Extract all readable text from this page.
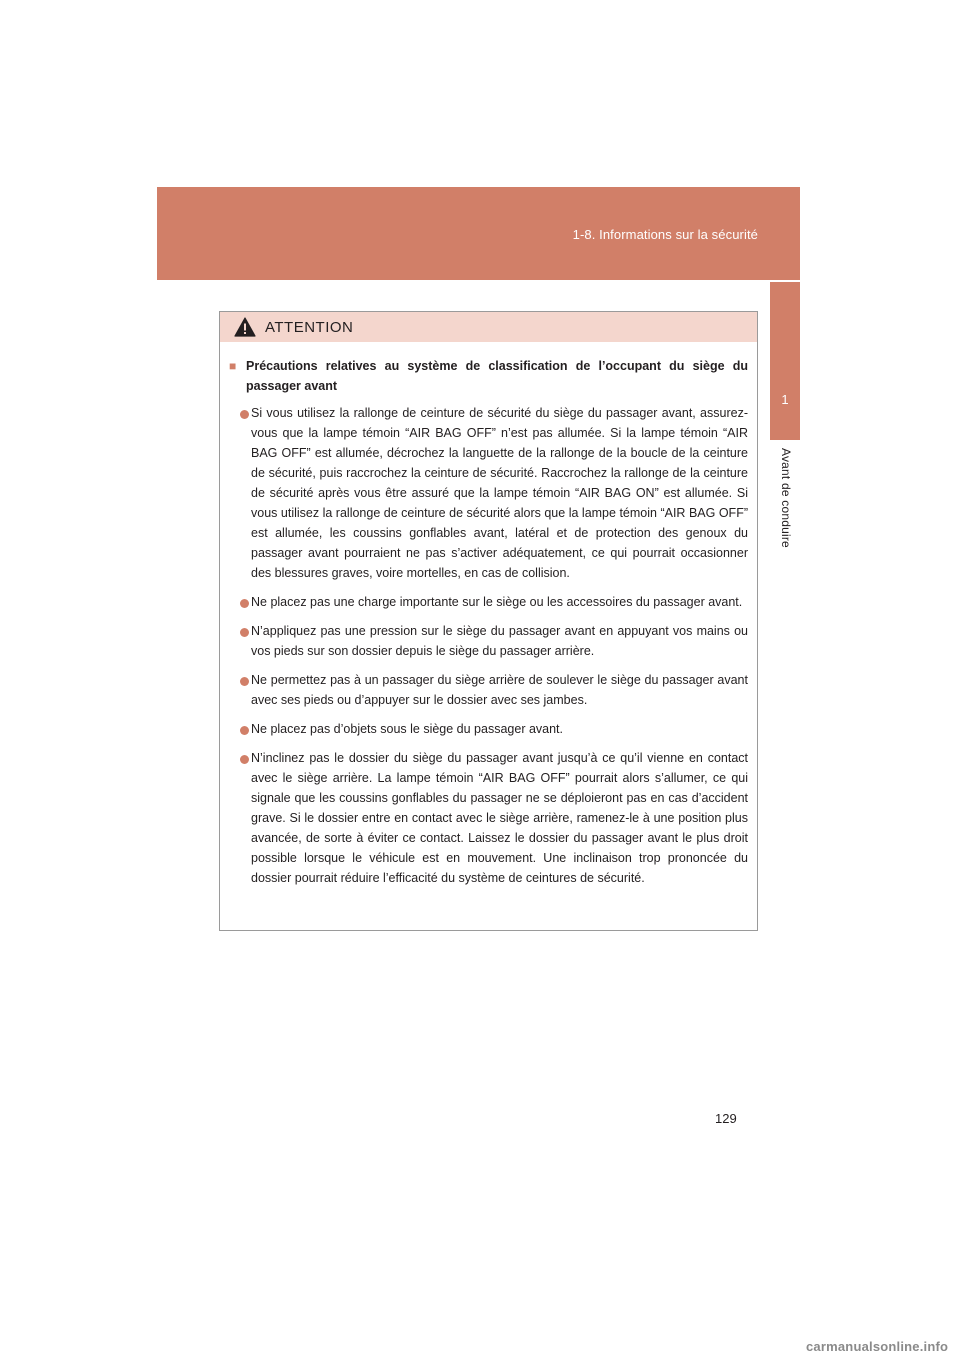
1-8. Informations sur la sécurité
1
Avant de conduire
ATTENTION

■ Précautions relatives au système de classification de l’occupant du siège du passager avant

Si vous utilisez la rallonge de ceinture de sécurité du siège du passager avant, assurez-vous que la lampe témoin “AIR BAG OFF” n’est pas allumée. Si la lampe témoin “AIR BAG OFF” est allumée, décrochez la languette de la rallonge de la boucle de la ceinture de sécurité, puis raccrochez la ceinture de sécurité. Raccrochez la rallonge de la ceinture de sécurité après vous être assuré que la lampe témoin “AIR BAG ON” est allumée. Si vous utilisez la rallonge de ceinture de sécurité alors que la lampe témoin “AIR BAG OFF” est allumée, les coussins gonflables avant, latéral et de protection des genoux du passager avant pourraient ne pas s’activer adéquatement, ce qui pourrait occasionner des blessures graves, voire mortelles, en cas de collision.
Ne placez pas une charge importante sur le siège ou les accessoires du passager avant.
N’appliquez pas une pression sur le siège du passager avant en appuyant vos mains ou vos pieds sur son dossier depuis le siège du passager arrière.
Ne permettez pas à un passager du siège arrière de soulever le siège du passager avant avec ses pieds ou d’appuyer sur le dossier avec ses jambes.
Ne placez pas d’objets sous le siège du passager avant.
N’inclinez pas le dossier du siège du passager avant jusqu’à ce qu’il vienne en contact avec le siège arrière. La lampe témoin “AIR BAG OFF” pourrait alors s’allumer, ce qui signale que les coussins gonflables du passager ne se déploieront pas en cas d’accident grave. Si le dossier entre en contact avec le siège arrière, ramenez-le à une position plus avancée, de sorte à éviter ce contact. Laissez le dossier du passager avant le plus droit possible lorsque le véhicule est en mouvement. Une inclinaison trop prononcée du dossier pourrait réduire l’efficacité du système de ceintures de sécurité.
129
carmanualsonline.info
